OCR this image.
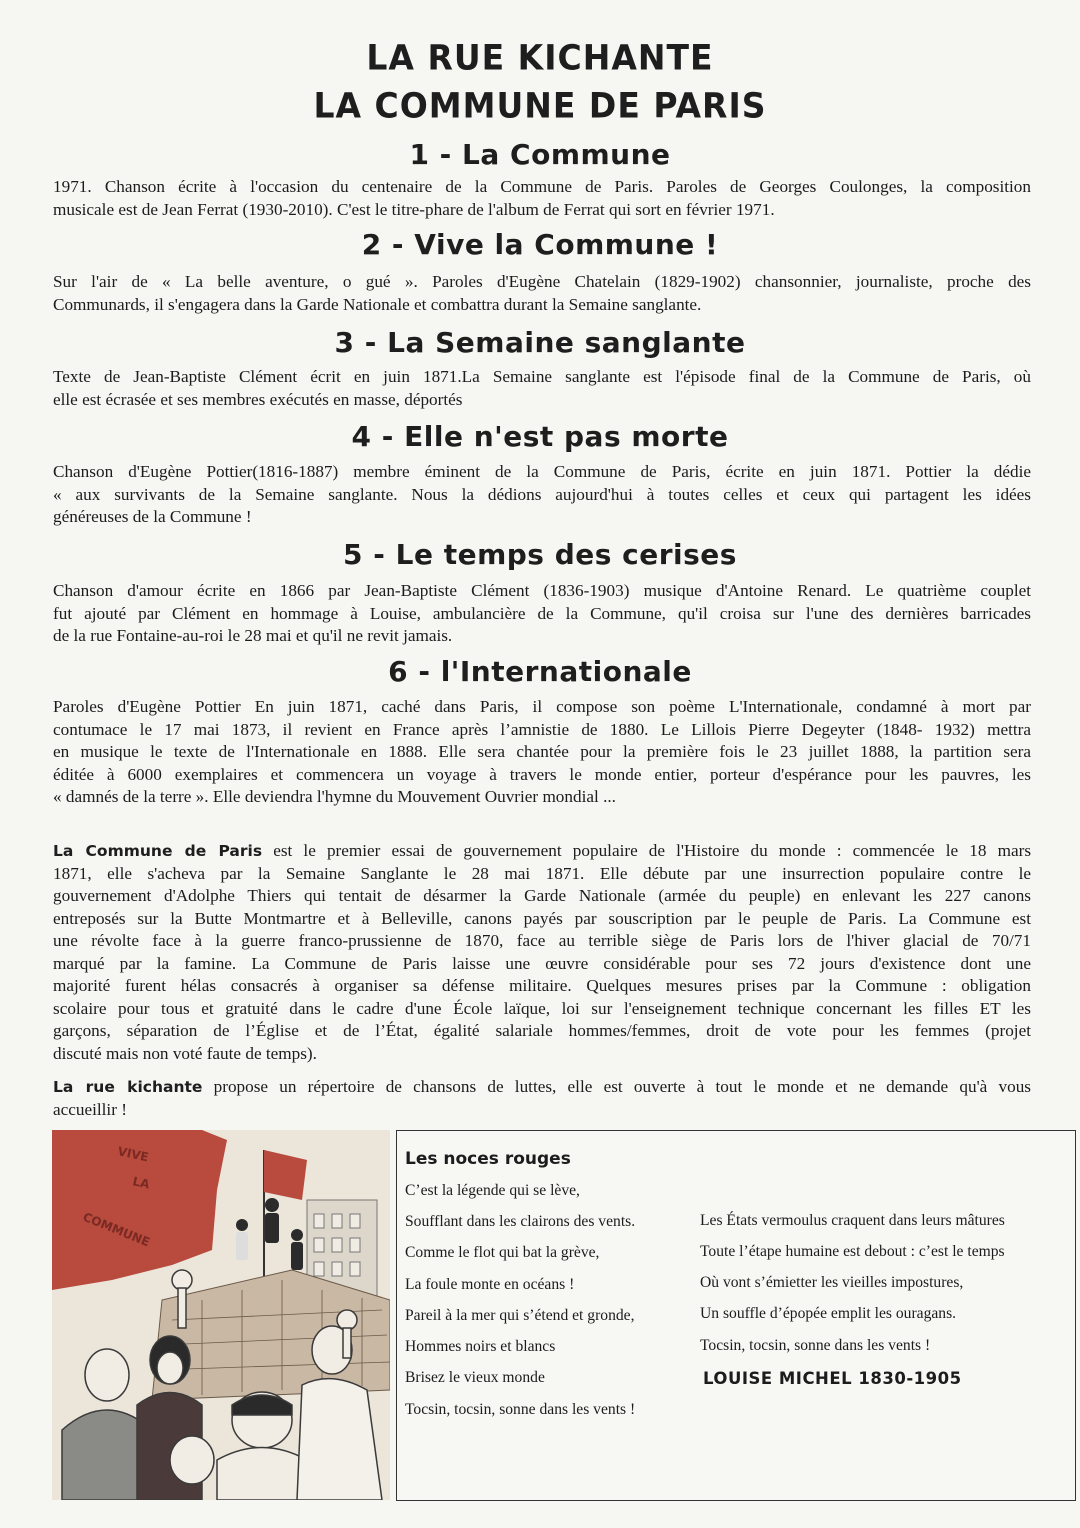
LA RUE KICHANTE
LA COMMUNE DE PARIS
1 - La Commune
1971. Chanson écrite à l'occasion du centenaire de la Commune de Paris. Paroles de Georges Coulonges, la composition
musicale est de Jean Ferrat (1930-2010). C'est le titre-phare de l'album de Ferrat qui sort en février 1971.
2 - Vive la Commune !
Sur l'air de « La belle aventure, o gué ». Paroles d'Eugène Chatelain (1829-1902) chansonnier, journaliste, proche des
Communards, il s'engagera dans la Garde Nationale et combattra durant la Semaine sanglante.
3 - La Semaine sanglante
Texte de Jean-Baptiste Clément écrit en juin 1871.La Semaine sanglante est l'épisode final de la Commune de Paris, où
elle est écrasée et ses membres exécutés en masse, déportés
4 - Elle n'est pas morte
Chanson d'Eugène Pottier(1816-1887) membre éminent de la Commune de Paris, écrite en juin 1871. Pottier la dédie
« aux survivants de la Semaine sanglante. Nous la dédions aujourd'hui à toutes celles et ceux qui partagent les idées
généreuses de la Commune !
5 - Le temps des cerises
Chanson d'amour écrite en 1866 par Jean-Baptiste Clément (1836-1903) musique d'Antoine Renard. Le quatrième couplet
fut ajouté par Clément en hommage à Louise, ambulancière de la Commune, qu'il croisa sur l'une des dernières barricades
de la rue Fontaine-au-roi le 28 mai et qu'il ne revit jamais.
6 - l'Internationale
Paroles d'Eugène Pottier En juin 1871, caché dans Paris, il compose son poème L'Internationale, condamné à mort par
contumace le 17 mai 1873, il revient en France après l’amnistie de 1880. Le Lillois Pierre Degeyter (1848- 1932) mettra
en musique le texte de l'Internationale en 1888. Elle sera chantée pour la première fois le 23 juillet 1888, la partition sera
éditée à 6000 exemplaires et commencera un voyage à travers le monde entier, porteur d'espérance pour les pauvres, les
« damnés de la terre ». Elle deviendra l'hymne du Mouvement Ouvrier mondial ...
La Commune de Paris est le premier essai de gouvernement populaire de l'Histoire du monde : commencée le 18 mars
1871, elle s'acheva par la Semaine Sanglante le 28 mai 1871. Elle débute par une insurrection populaire contre le
gouvernement d'Adolphe Thiers qui tentait de désarmer la Garde Nationale (armée du peuple) en enlevant les 227 canons
entreposés sur la Butte Montmartre et à Belleville, canons payés par souscription par le peuple de Paris. La Commune est
une révolte face à la guerre franco-prussienne de 1870, face au terrible siège de Paris lors de l'hiver glacial de 70/71
marqué par la famine. La Commune de Paris laisse une œuvre considérable pour ses 72 jours d'existence dont une
majorité furent hélas consacrés à organiser sa défense militaire. Quelques mesures prises par la Commune : obligation
scolaire pour tous et gratuité dans le cadre d'une École laïque, loi sur l'enseignement technique concernant les filles ET les
garçons, séparation de l’Église et de l’État, égalité salariale hommes/femmes, droit de vote pour les femmes (projet
discuté mais non voté faute de temps).
La rue kichante propose un répertoire de chansons de luttes, elle est ouverte à tout le monde et ne demande qu'à vous
accueillir !
VIVE
LA
COMMUNE
Les noces rouges
C’est la légende qui se lève,
Soufflant dans les clairons des vents.
Comme le flot qui bat la grève,
La foule monte en océans !
Pareil à la mer qui s’étend et gronde,
Hommes noirs et blancs
Brisez le vieux monde
Tocsin, tocsin, sonne dans les vents !
Les États vermoulus craquent dans leurs mâtures
Toute l’étape humaine est debout : c’est le temps
Où vont s’émietter les vieilles impostures,
Un souffle d’épopée emplit les ouragans.
Tocsin, tocsin, sonne dans les vents !
LOUISE MICHEL 1830-1905
